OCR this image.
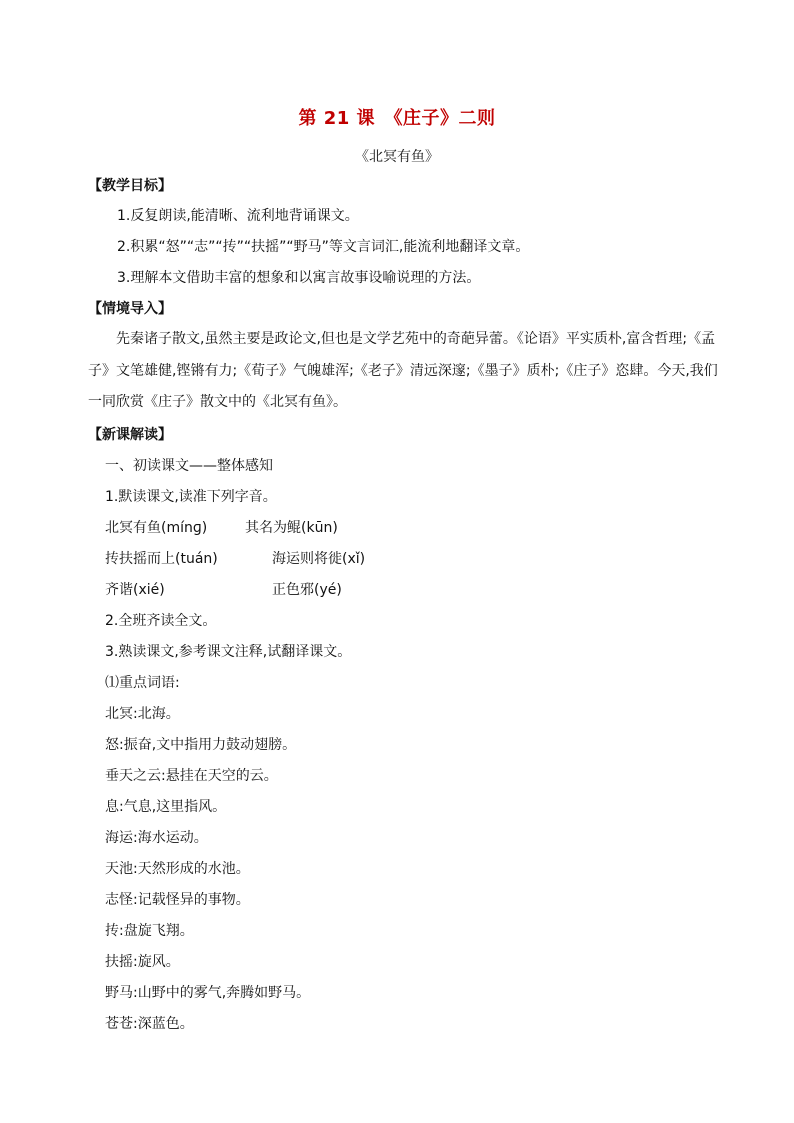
第 21 课　《庄子》二则
《北冥有鱼》
【教学目标】
1.反复朗读,能清晰、流利地背诵课文。
2.积累“怒”“志”“抟”“扶摇”“野马”等文言词汇,能流利地翻译文章。
3.理解本文借助丰富的想象和以寓言故事设喻说理的方法。
【情境导入】
先秦诸子散文,虽然主要是政论文,但也是文学艺苑中的奇葩异蕾。《论语》平实质朴,富含哲理;《孟子》文笔雄健,铿锵有力;《荀子》气魄雄浑;《老子》清远深邃;《墨子》质朴;《庄子》恣肆。今天,我们一同欣赏《庄子》散文中的《北冥有鱼》。
【新课解读】
一、初读课文——整体感知
1.默读课文,读准下列字音。
北冥有鱼(mínɡ)	其名为鲲(kūn)
抟扶摇而上(tuán)	海运则将徙(xǐ)
齐谐(xié)	正色邪(yé)
2.全班齐读全文。
3.熟读课文,参考课文注释,试翻译课文。
⑴重点词语:
北冥:北海。
怒:振奋,文中指用力鼓动翅膀。
垂天之云:悬挂在天空的云。
息:气息,这里指风。
海运:海水运动。
天池:天然形成的水池。
志怪:记载怪异的事物。
抟:盘旋飞翔。
扶摇:旋风。
野马:山野中的雾气,奔腾如野马。
苍苍:深蓝色。
